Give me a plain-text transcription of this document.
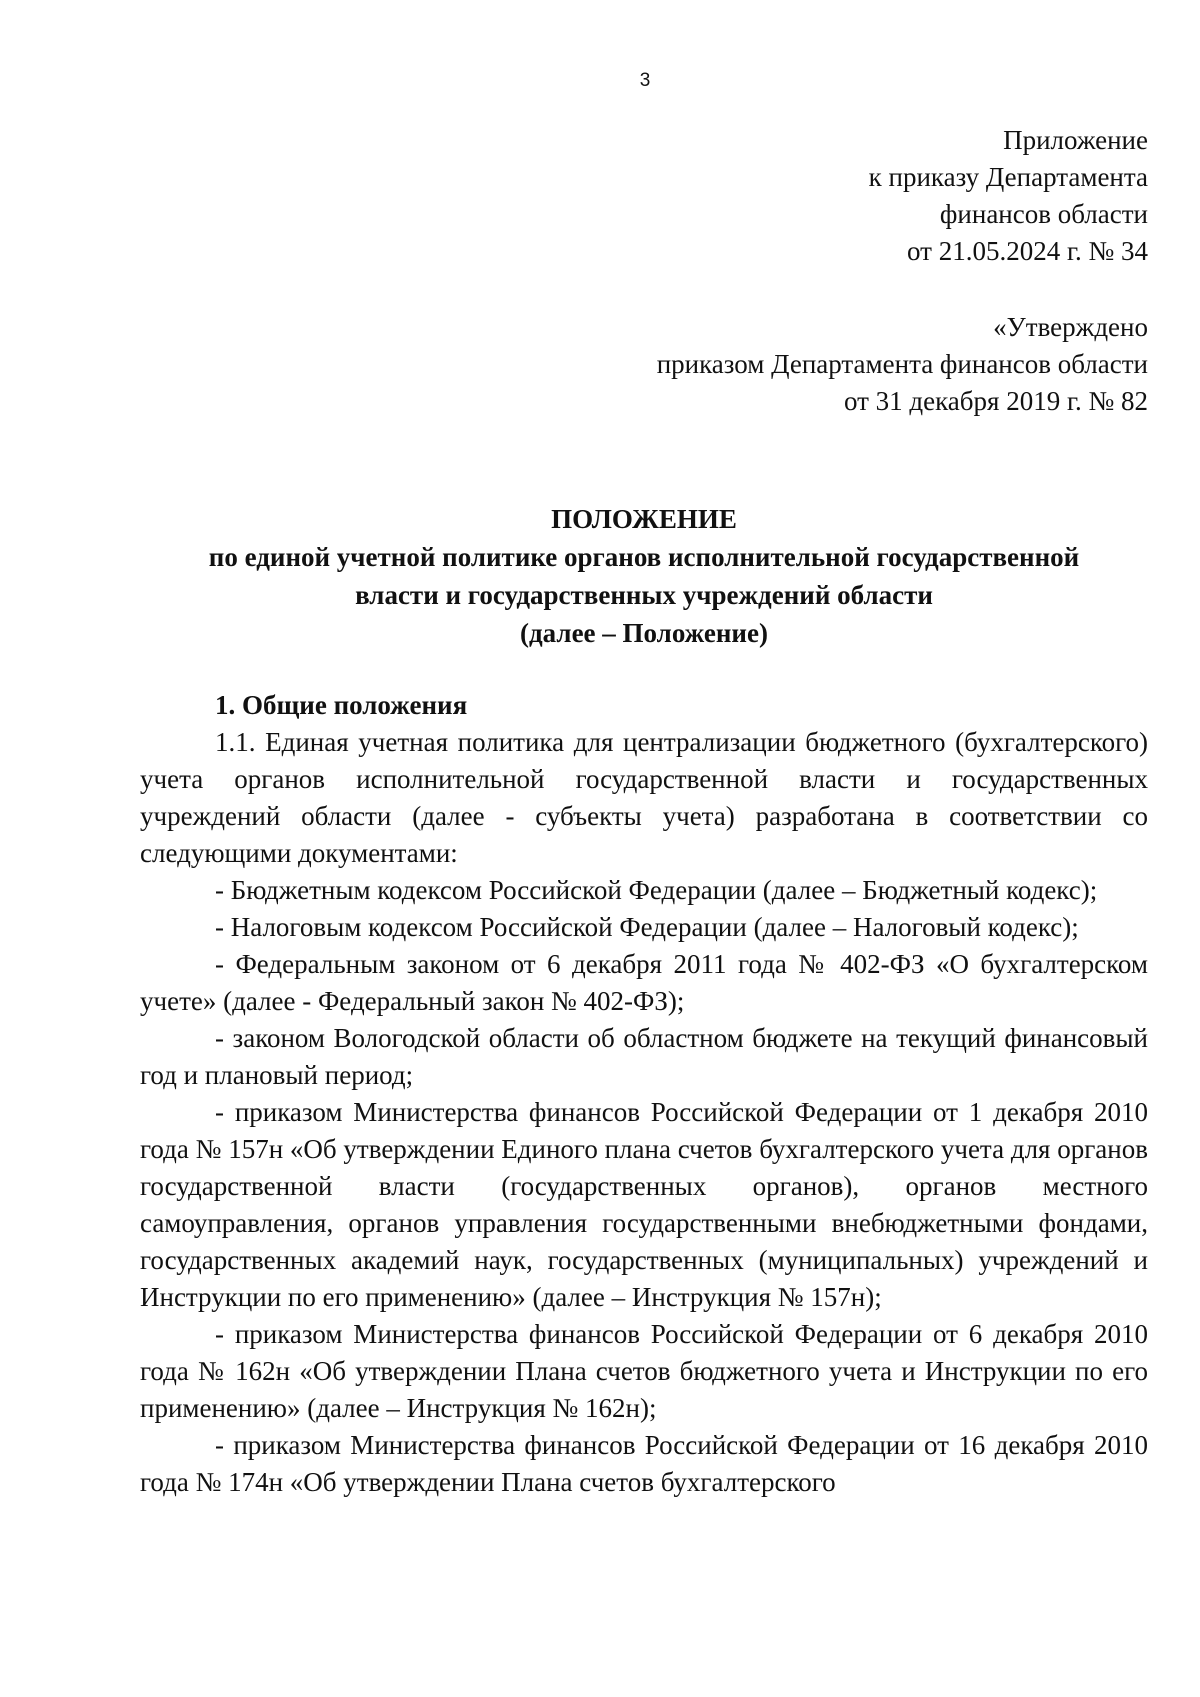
3
Приложение
к приказу Департамента
финансов области
от 21.05.2024 г. № 34
«Утверждено
приказом Департамента финансов области
от 31 декабря 2019 г. № 82
ПОЛОЖЕНИЕ
по единой учетной политике органов исполнительной государственной
власти и государственных учреждений области
(далее – Положение)
1. Общие положения

1.1. Единая учетная политика для централизации бюджетного (бухгалтерского) учета органов исполнительной государственной власти и государственных учреждений области (далее - субъекты учета) разработана в соответствии со следующими документами:

- Бюджетным кодексом Российской Федерации (далее – Бюджетный кодекс);

- Налоговым кодексом Российской Федерации (далее – Налоговый кодекс);

- Федеральным законом от 6 декабря 2011 года № 402-ФЗ «О бухгалтерском учете» (далее - Федеральный закон № 402-ФЗ);

- законом Вологодской области об областном бюджете на текущий финансовый год и плановый период;

- приказом Министерства финансов Российской Федерации от 1 декабря 2010 года № 157н «Об утверждении Единого плана счетов бухгалтерского учета для органов государственной власти (государственных органов), органов местного самоуправления, органов управления государственными внебюджетными фондами, государственных академий наук, государственных (муниципальных) учреждений и Инструкции по его применению» (далее – Инструкция № 157н);

- приказом Министерства финансов Российской Федерации от 6 декабря 2010 года № 162н «Об утверждении Плана счетов бюджетного учета и Инструкции по его применению» (далее – Инструкция № 162н);

- приказом Министерства финансов Российской Федерации от 16 декабря 2010 года № 174н «Об утверждении Плана счетов бухгалтерского
